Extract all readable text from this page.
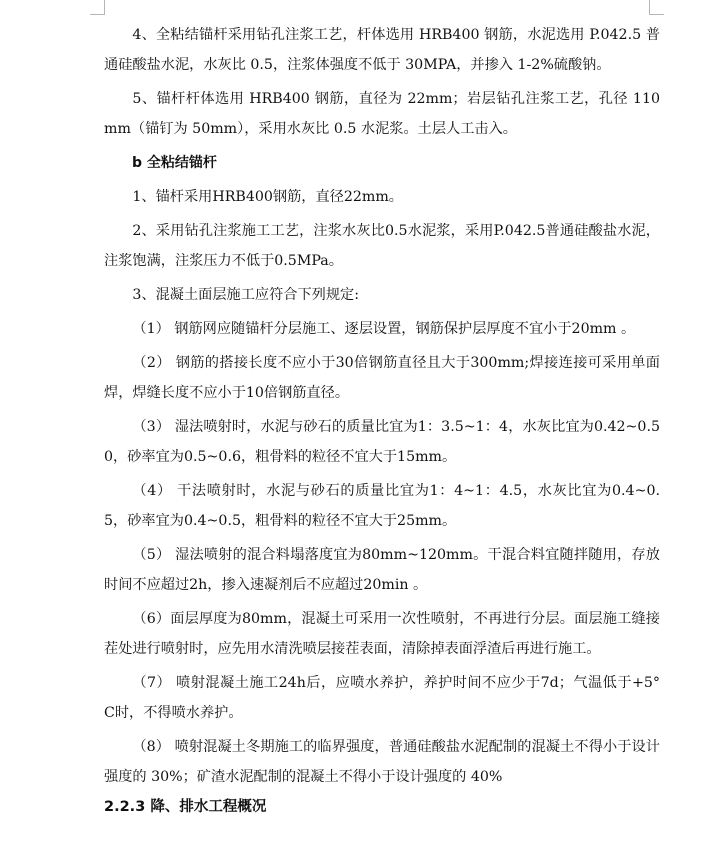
4、全粘结锚杆采用钻孔注浆工艺，杆体选用 HRB400 钢筋，水泥选用 P.042.5 普通硅酸盐水泥，水灰比 0.5，注浆体强度不低于 30MPA，并掺入 1-2%硫酸钠。

5、锚杆杆体选用 HRB400 钢筋，直径为 22mm；岩层钻孔注浆工艺，孔径 110mm（锚钉为 50mm），采用水灰比 0.5 水泥浆。土层人工击入。

b 全粘结锚杆

1、锚杆采用HRB400钢筋，直径22mm。

2、采用钻孔注浆施工工艺，注浆水灰比0.5水泥浆，采用P.042.5普通硅酸盐水泥，注浆饱满，注浆压力不低于0.5MPa。

3、混凝土面层施工应符合下列规定:

（1） 钢筋网应随锚杆分层施工、逐层设置，钢筋保护层厚度不宜小于20mm 。

（2） 钢筋的搭接长度不应小于30倍钢筋直径且大于300mm;焊接连接可采用单面焊，焊缝长度不应小于10倍钢筋直径。

（3） 湿法喷射时，水泥与砂石的质量比宜为1：3.5~1：4，水灰比宜为0.42~0.50，砂率宜为0.5~0.6，粗骨料的粒径不宜大于15mm。

（4） 干法喷射时，水泥与砂石的质量比宜为1：4~1：4.5，水灰比宜为0.4~0.5，砂率宜为0.4~0.5，粗骨料的粒径不宜大于25mm。

（5） 湿法喷射的混合料塌落度宜为80mm~120mm。干混合料宜随拌随用，存放时间不应超过2h，掺入速凝剂后不应超过20min 。

（6）面层厚度为80mm，混凝土可采用一次性喷射，不再进行分层。面层施工缝接茬处进行喷射时，应先用水清洗喷层接茬表面，清除掉表面浮渣后再进行施工。

（7） 喷射混凝土施工24h后，应喷水养护，养护时间不应少于7d；气温低于+5° C时，不得喷水养护。

（8） 喷射混凝土冬期施工的临界强度，普通硅酸盐水泥配制的混凝土不得小于设计强度的 30%；矿渣水泥配制的混凝土不得小于设计强度的 40%

2.2.3 降、排水工程概况
